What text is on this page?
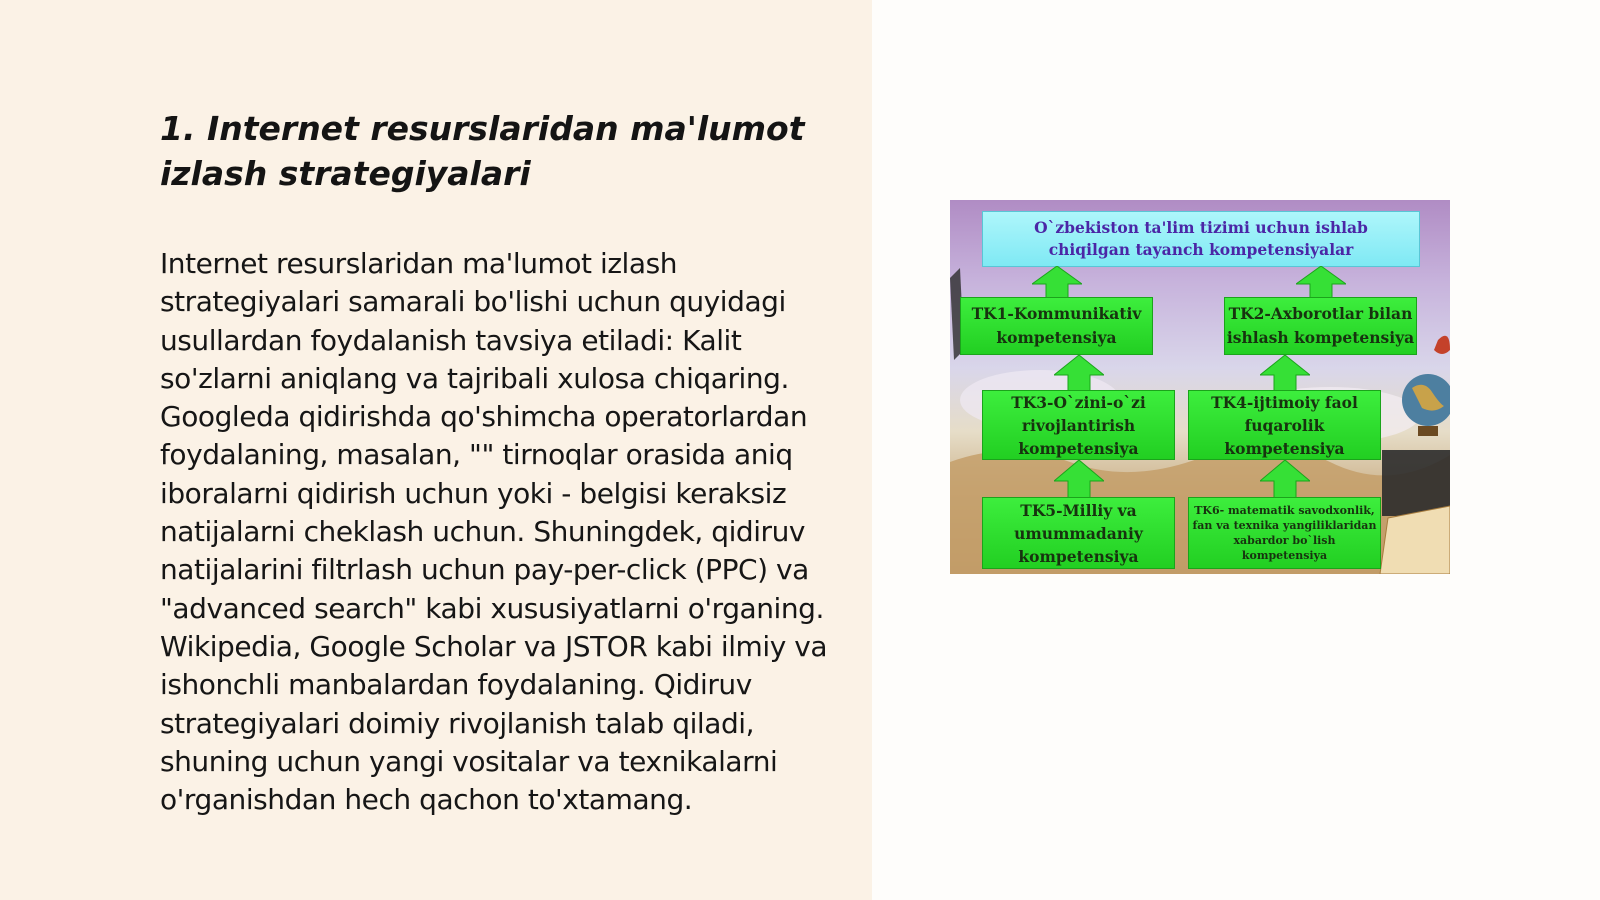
1. Internet resurslaridan ma'lumot izlash strategiyalari

Internet resurslaridan ma'lumot izlash strategiyalari samarali bo'lishi uchun quyidagi usullardan foydalanish tavsiya etiladi: Kalit so'zlarni aniqlang va tajribali xulosa chiqaring. Googleda qidirishda qo'shimcha operatorlardan foydalaning, masalan, "" tirnoqlar orasida aniq iboralarni qidirish uchun yoki - belgisi keraksiz natijalarni cheklash uchun. Shuningdek, qidiruv natijalarini filtrlash uchun pay-per-click (PPC) va "advanced search" kabi xususiyatlarni o'rganing. Wikipedia, Google Scholar va JSTOR kabi ilmiy va ishonchli manbalardan foydalaning. Qidiruv strategiyalari doimiy rivojlanish talab qiladi, shuning uchun yangi vositalar va texnikalarni o'rganishdan hech qachon to'xtamang.

O`zbekiston ta'lim tizimi uchun ishlab
chiqilgan tayanch kompetensiyalar
TK1-Kommunikativ
kompetensiya
TK2-Axborotlar bilan
ishlash kompetensiya
TK3-O`zini-o`zi
rivojlantirish
kompetensiya
TK4-ijtimoiy faol
fuqarolik
kompetensiya
TK5-Milliy va
umummadaniy
kompetensiya
TK6- matematik savodxonlik,
fan va texnika yangiliklaridan
xabardor bo`lish
kompetensiya
